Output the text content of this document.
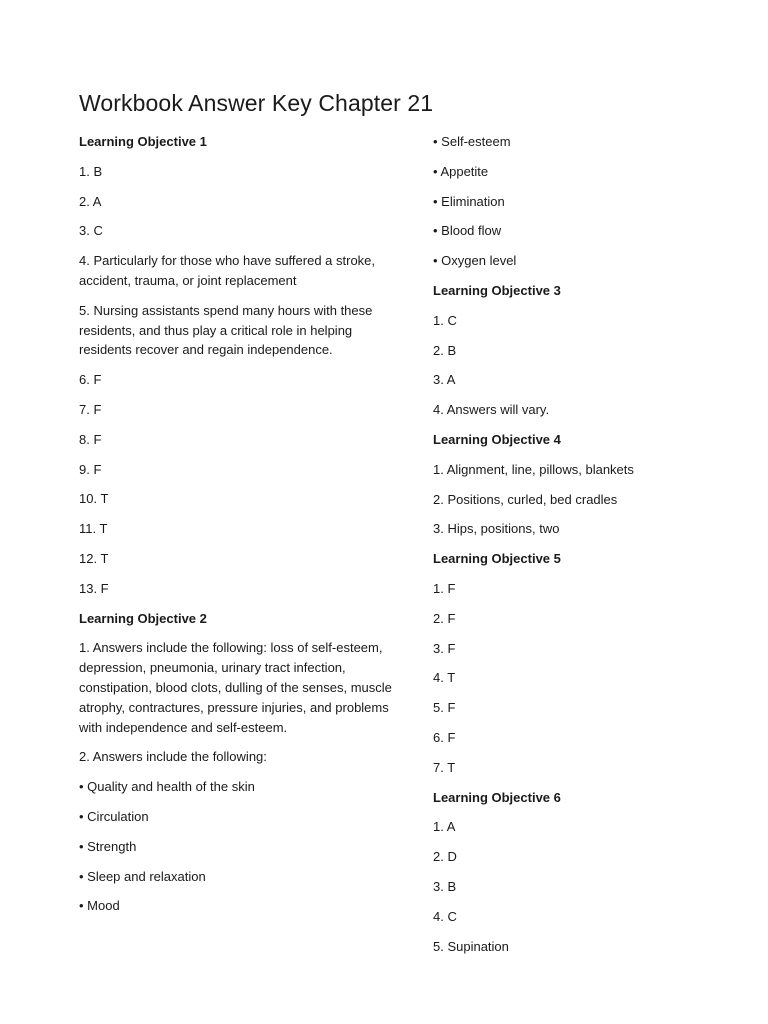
Workbook Answer Key Chapter 21

Learning Objective 1

1. B

2. A

3. C

4. Particularly for those who have suffered a stroke, accident, trauma, or joint replacement

5. Nursing assistants spend many hours with these residents, and thus play a critical role in helping residents recover and regain independence.

6. F

7. F

8. F

9. F

10. T

11. T

12. T

13. F

Learning Objective 2

1. Answers include the following: loss of self-esteem, depression, pneumonia, urinary tract infection, constipation, blood clots, dulling of the senses, muscle atrophy, contractures, pressure injuries, and problems with independence and self-esteem.

2. Answers include the following:

• Quality and health of the skin

• Circulation

• Strength

• Sleep and relaxation

• Mood

• Self-esteem

• Appetite

• Elimination

• Blood flow

• Oxygen level

Learning Objective 3

1. C

2. B

3. A

4. Answers will vary.

Learning Objective 4

1. Alignment, line, pillows, blankets

2. Positions, curled, bed cradles

3. Hips, positions, two

Learning Objective 5

1. F

2. F

3. F

4. T

5. F

6. F

7. T

Learning Objective 6

1. A

2. D

3. B

4. C

5. Supination
